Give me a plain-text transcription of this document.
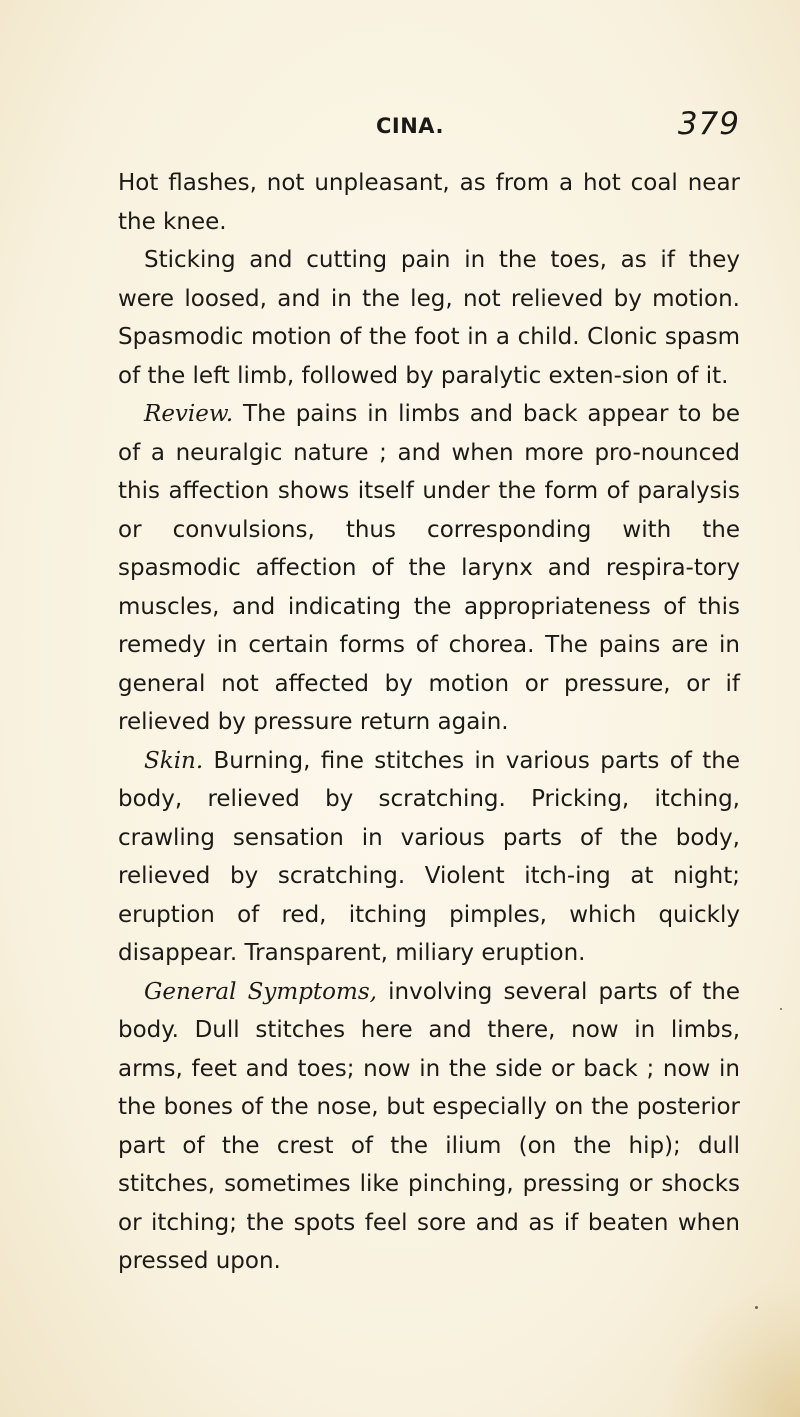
CINA.	379

Hot flashes, not unpleasant, as from a hot coal near the knee.

Sticking and cutting pain in the toes, as if they were loosed, and in the leg, not relieved by motion. Spasmodic motion of the foot in a child. Clonic spasm of the left limb, followed by paralytic exten-sion of it.

Review. The pains in limbs and back appear to be of a neuralgic nature ; and when more pro-nounced this affection shows itself under the form of paralysis or convulsions, thus corresponding with the spasmodic affection of the larynx and respira-tory muscles, and indicating the appropriateness of this remedy in certain forms of chorea. The pains are in general not affected by motion or pressure, or if relieved by pressure return again.

Skin. Burning, fine stitches in various parts of the body, relieved by scratching. Pricking, itching, crawling sensation in various parts of the body, relieved by scratching. Violent itch-ing at night; eruption of red, itching pimples, which quickly disappear. Transparent, miliary eruption.

General Symptoms, involving several parts of the body. Dull stitches here and there, now in limbs, arms, feet and toes; now in the side or back ; now in the bones of the nose, but especially on the posterior part of the crest of the ilium (on the hip); dull stitches, sometimes like pinching, pressing or shocks or itching; the spots feel sore and as if beaten when pressed upon.
